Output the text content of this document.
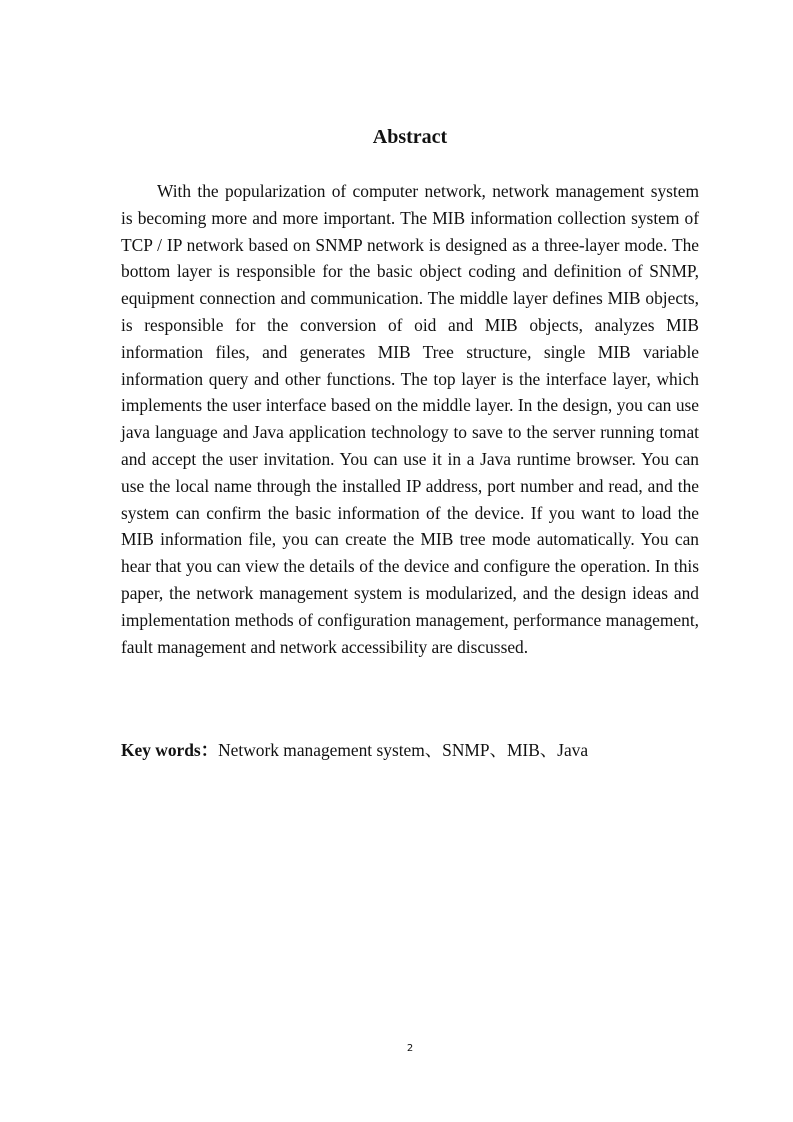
Abstract

With the popularization of computer network, network management system is becoming more and more important. The MIB information collection system of TCP / IP network based on SNMP network is designed as a three-layer mode. The bottom layer is responsible for the basic object coding and definition of SNMP, equipment connection and communication. The middle layer defines MIB objects, is responsible for the conversion of oid and MIB objects, analyzes MIB information files, and generates MIB Tree structure, single MIB variable information query and other functions. The top layer is the interface layer, which implements the user interface based on the middle layer. In the design, you can use java language and Java application technology to save to the server running tomat and accept the user invitation. You can use it in a Java runtime browser. You can use the local name through the installed IP address, port number and read, and the system can confirm the basic information of the device. If you want to load the MIB information file, you can create the MIB tree mode automatically. You can hear that you can view the details of the device and configure the operation. In this paper, the network management system is modularized, and the design ideas and implementation methods of configuration management, performance management, fault management and network accessibility are discussed.

Key words：Network management system、SNMP、MIB、Java
2
